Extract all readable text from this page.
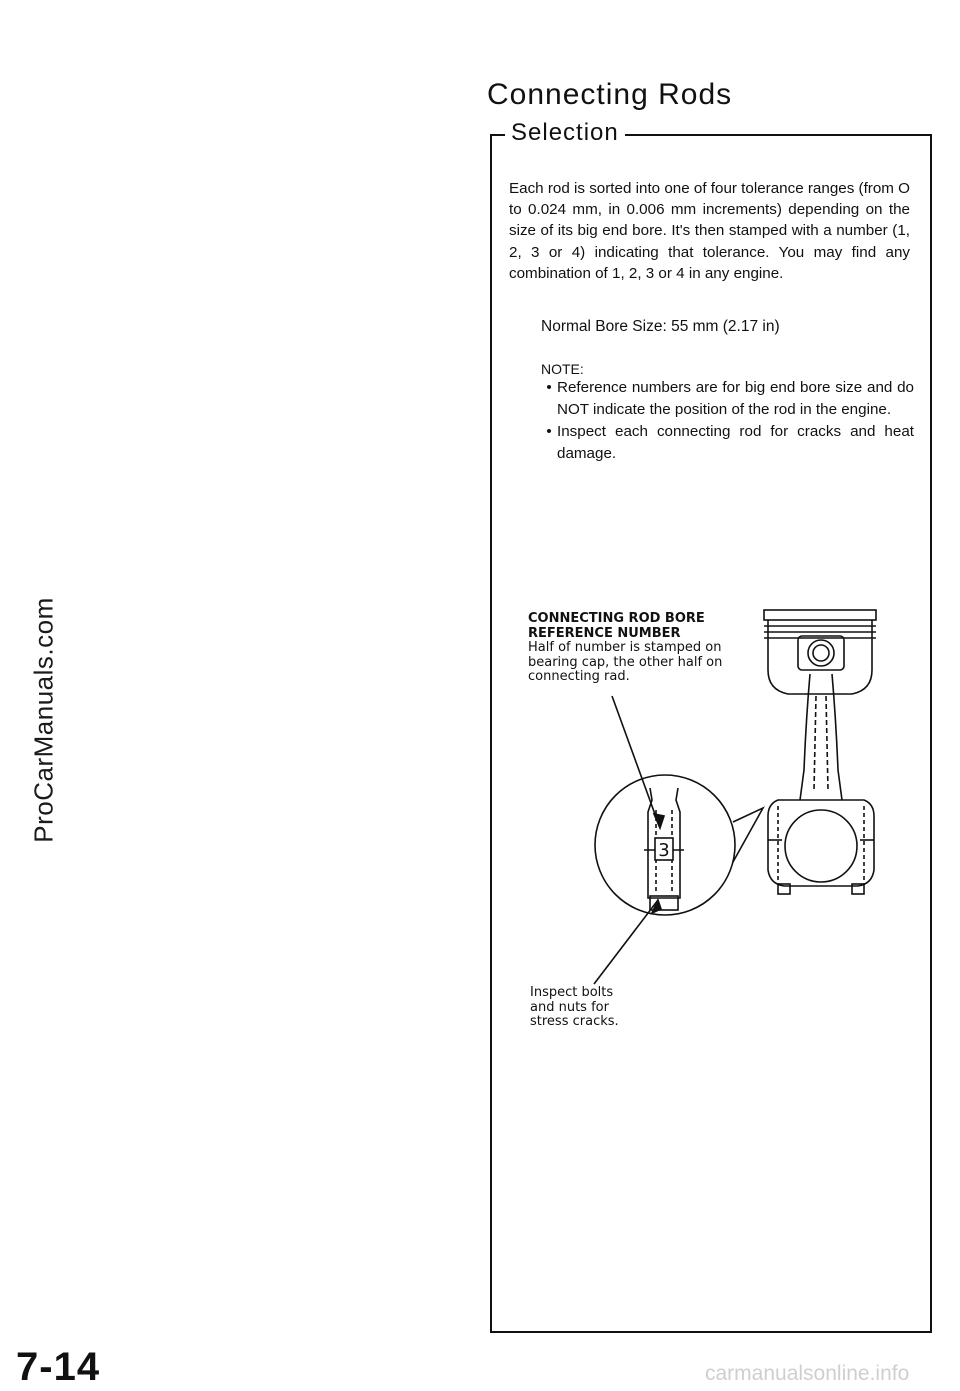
ProCarManuals.com
Connecting Rods
Selection

Each rod is sorted into one of four tolerance ranges (from O to 0.024 mm, in 0.006 mm increments) depending on the size of its big end bore. It's then stamped with a number (1, 2, 3 or 4) indicating that tolerance. You may find any combination of 1, 2, 3 or 4 in any engine.

Normal Bore Size: 55 mm (2.17 in)
NOTE:
• Reference numbers are for big end bore size and do NOT indicate the position of the rod in the engine.
• Inspect each connecting rod for cracks and heat damage.
CONNECTING ROD BORE
REFERENCE NUMBER
Half of number is stamped on
bearing cap, the other half on
connecting rad.
Inspect bolts
and nuts for
stress cracks.
3
7-14	carmanualsonline.info
